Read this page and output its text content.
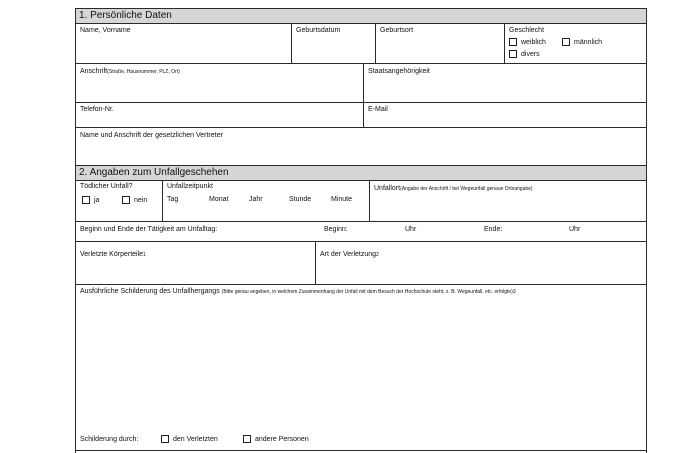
1. Persönliche Daten
2. Angaben zum Unfallgeschehen
Name, Vorname	Geburtsdatum	Geburtsort	Geschlecht
weiblich	männlich
divers
Anschrift(Straße, Hausnummer, PLZ, Ort)	Staatsangehörigkeit
Telefon-Nr.	E-Mail
Name und Anschrift der gesetzlichen Vertreter
Tödlicher Unfall?
ja	nein
Unfallzeitpunkt
Tag	Monat	Jahr	Stunde	Minute
Unfallort(Angabe der Anschrift / bei Wegeunfall genaue Ortsangabe)
Beginn und Ende der Tätigkeit am Unfalltag:	Beginn:	Uhr	Ende:	Uhr
Verletzte Körperteile$^1$	Art der Verletzung$^2$
Ausführliche Schilderung des Unfallhergangs (Bitte genau angeben, in welchem Zusammenhang der Unfall mit dem Besuch der Hochschule steht, z. B. Wegeunfall, etc. erfolgte)$^3$
Schilderung durch:	den Verletzten	andere Personen
